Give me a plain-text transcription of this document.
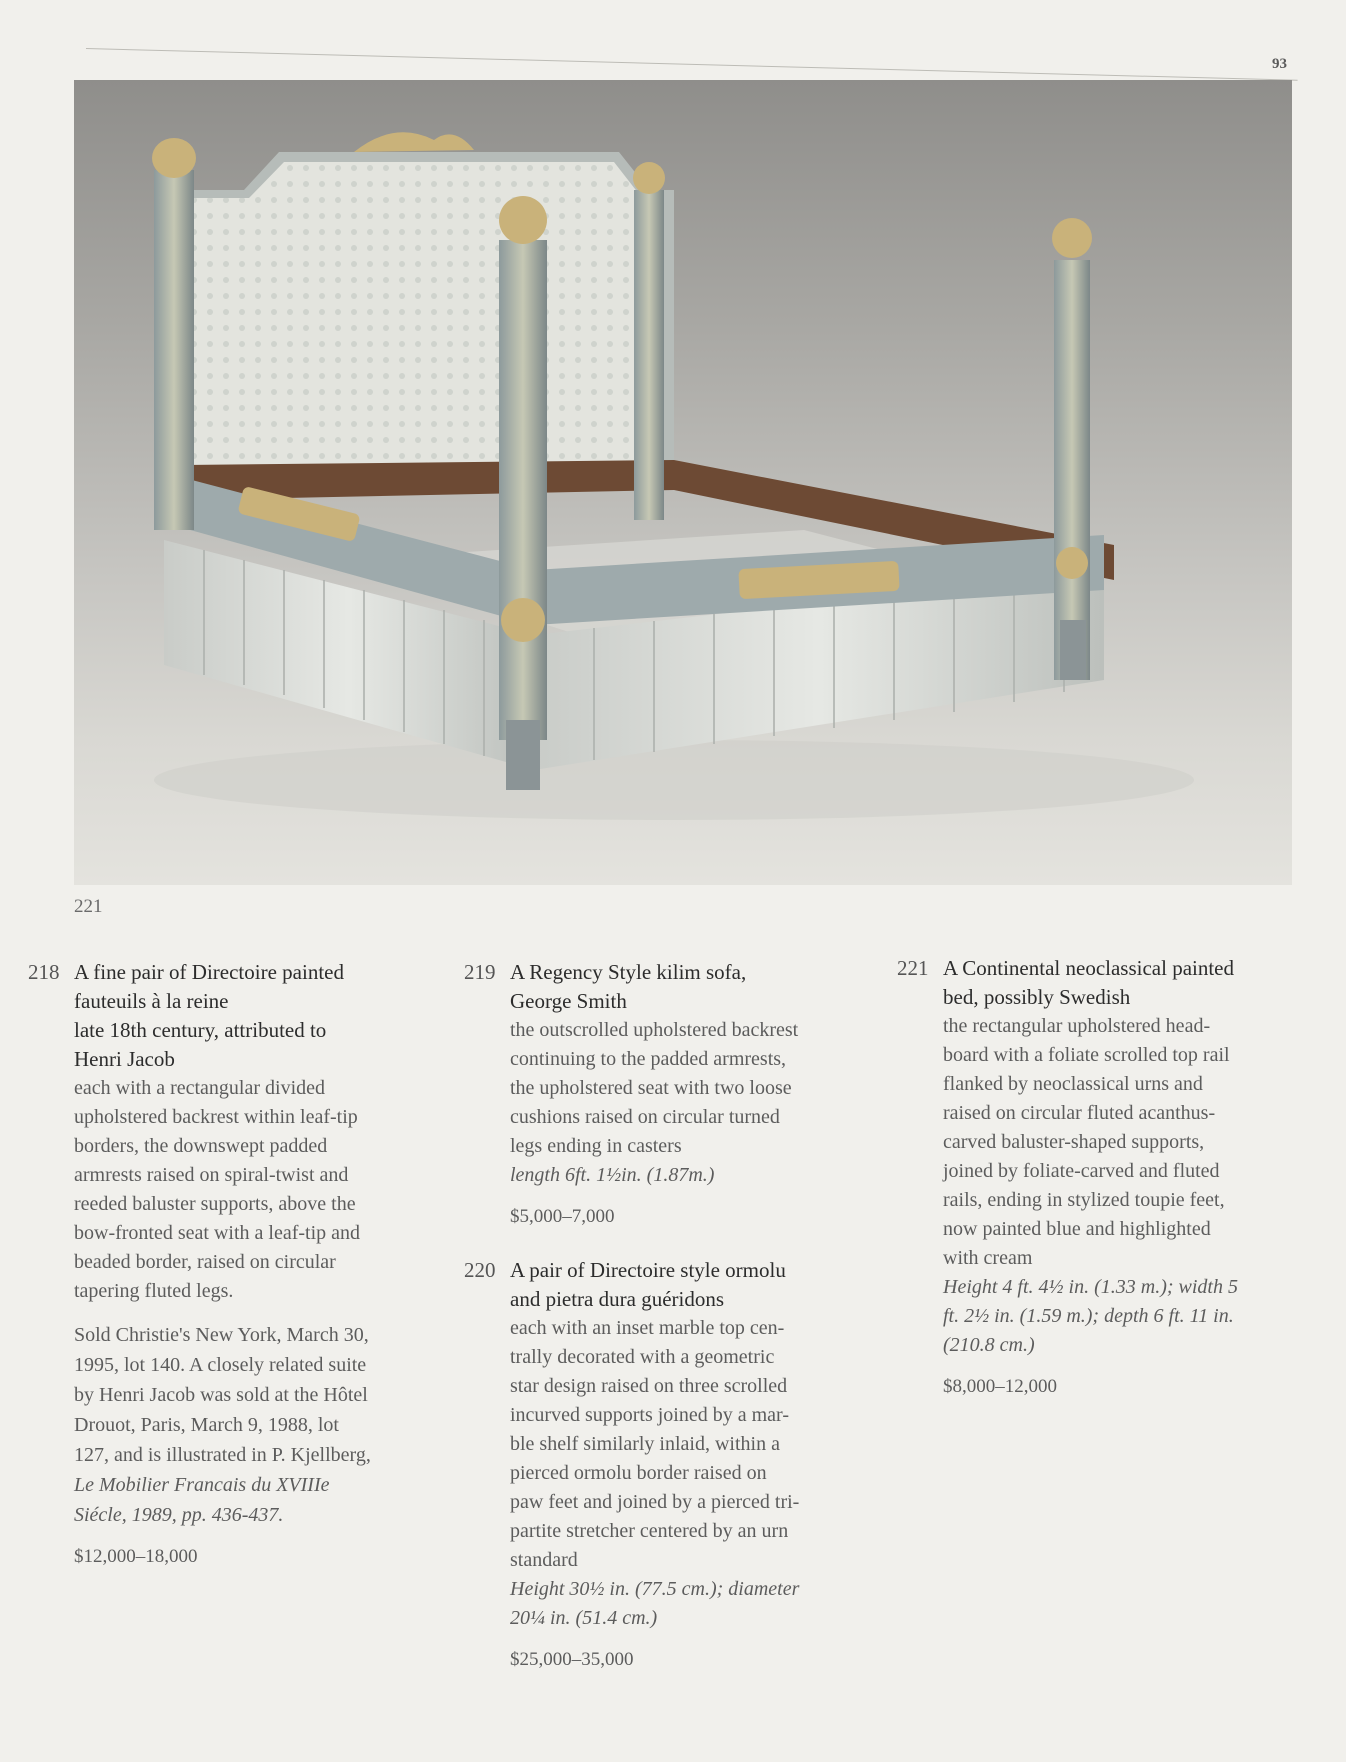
93
221
218 A fine pair of Directoire painted
fauteuils à la reine
late 18th century, attributed to
Henri Jacob
each with a rectangular divided
upholstered backrest within leaf-tip
borders, the downswept padded
armrests raised on spiral-twist and
reeded baluster supports, above the
bow-fronted seat with a leaf-tip and
beaded border, raised on circular
tapering fluted legs.
Sold Christie's New York, March 30,
1995, lot 140. A closely related suite
by Henri Jacob was sold at the Hôtel
Drouot, Paris, March 9, 1988, lot
127, and is illustrated in P. Kjellberg,
Le Mobilier Francais du XVIIIe
Siécle, 1989, pp. 436-437.
$12,000–18,000
219 A Regency Style kilim sofa,
George Smith
the outscrolled upholstered backrest
continuing to the padded armrests,
the upholstered seat with two loose
cushions raised on circular turned
legs ending in casters
length 6ft. 1½in. (1.87m.)
$5,000–7,000
220 A pair of Directoire style ormolu
and pietra dura guéridons
each with an inset marble top cen-
trally decorated with a geometric
star design raised on three scrolled
incurved supports joined by a mar-
ble shelf similarly inlaid, within a
pierced ormolu border raised on
paw feet and joined by a pierced tri-
partite stretcher centered by an urn
standard
Height 30½ in. (77.5 cm.); diameter
20¼ in. (51.4 cm.)
$25,000–35,000
221 A Continental neoclassical painted
bed, possibly Swedish
the rectangular upholstered head-
board with a foliate scrolled top rail
flanked by neoclassical urns and
raised on circular fluted acanthus-
carved baluster-shaped supports,
joined by foliate-carved and fluted
rails, ending in stylized toupie feet,
now painted blue and highlighted
with cream
Height 4 ft. 4½ in. (1.33 m.); width 5
ft. 2½ in. (1.59 m.); depth 6 ft. 11 in.
(210.8 cm.)
$8,000–12,000
